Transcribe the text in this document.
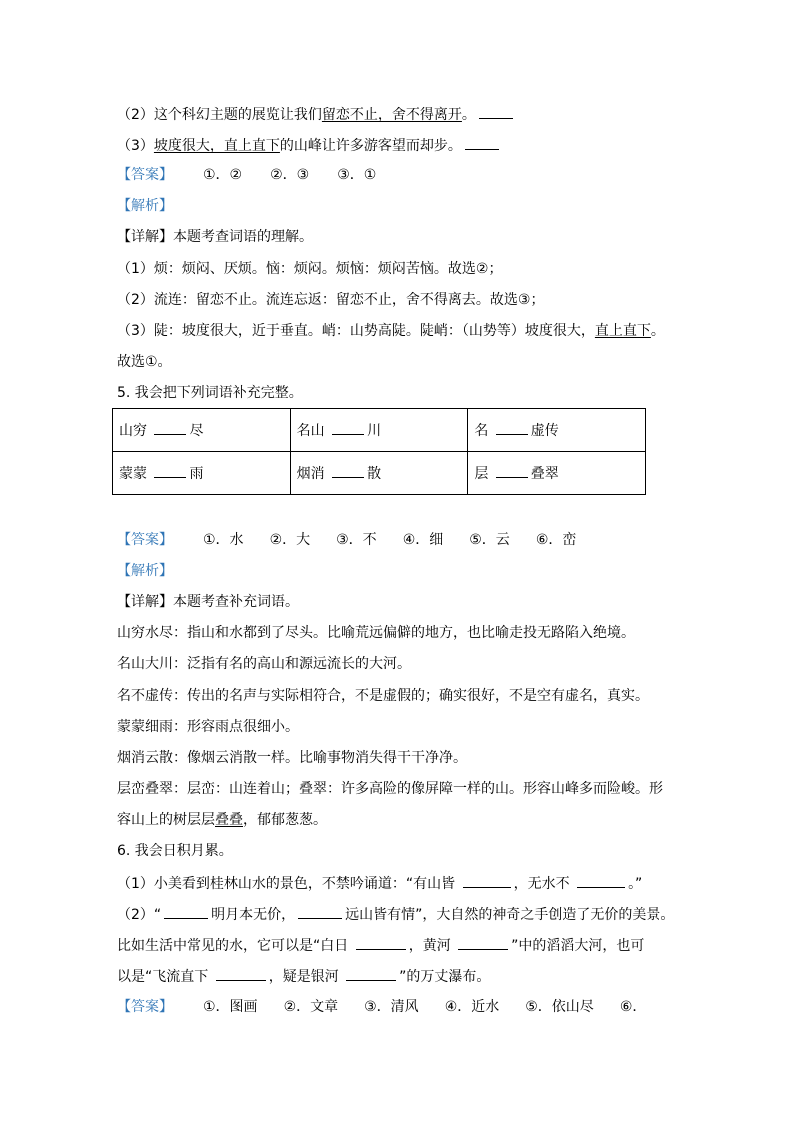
（2）这个科幻主题的展览让我们留恋不止，舍不得离开。
（3）坡度很大，直上直下的山峰让许多游客望而却步。
【答案】 ①．② ②．③ ③．①
【解析】
【详解】本题考查词语的理解。
（1）烦：烦闷、厌烦。恼：烦闷。烦恼：烦闷苦恼。故选②；
（2）流连：留恋不止。流连忘返：留恋不止，舍不得离去。故选③；
（3）陡：坡度很大，近于垂直。峭：山势高陡。陡峭：（山势等）坡度很大，直上直下。
故选①。
5. 我会把下列词语补充完整。
山穷 尽	名山 川	名 虚传
蒙蒙 雨	烟消 散	层 叠翠
【答案】 ①．水 ②．大 ③．不 ④．细 ⑤．云 ⑥．峦
【解析】
【详解】本题考查补充词语。
山穷水尽：指山和水都到了尽头。比喻荒远偏僻的地方，也比喻走投无路陷入绝境。
名山大川：泛指有名的高山和源远流长的大河。
名不虚传：传出的名声与实际相符合，不是虚假的；确实很好，不是空有虚名，真实。
蒙蒙细雨：形容雨点很细小。
烟消云散：像烟云消散一样。比喻事物消失得干干净净。
层峦叠翠：层峦：山连着山；叠翠：许多高险的像屏障一样的山。形容山峰多而险峻。形
容山上的树层层叠叠，郁郁葱葱。
6. 我会日积月累。
（1）小美看到桂林山水的景色，不禁吟诵道：“有山皆	，无水不	。”
（2）“	明月本无价，	远山皆有情”，大自然的神奇之手创造了无价的美景。
比如生活中常见的水，它可以是“白日	，黄河	”中的滔滔大河，也可
以是“飞流直下	，疑是银河	”的万丈瀑布。
【答案】 ①．图画 ②．文章 ③．清风 ④．近水 ⑤．依山尽 ⑥．
